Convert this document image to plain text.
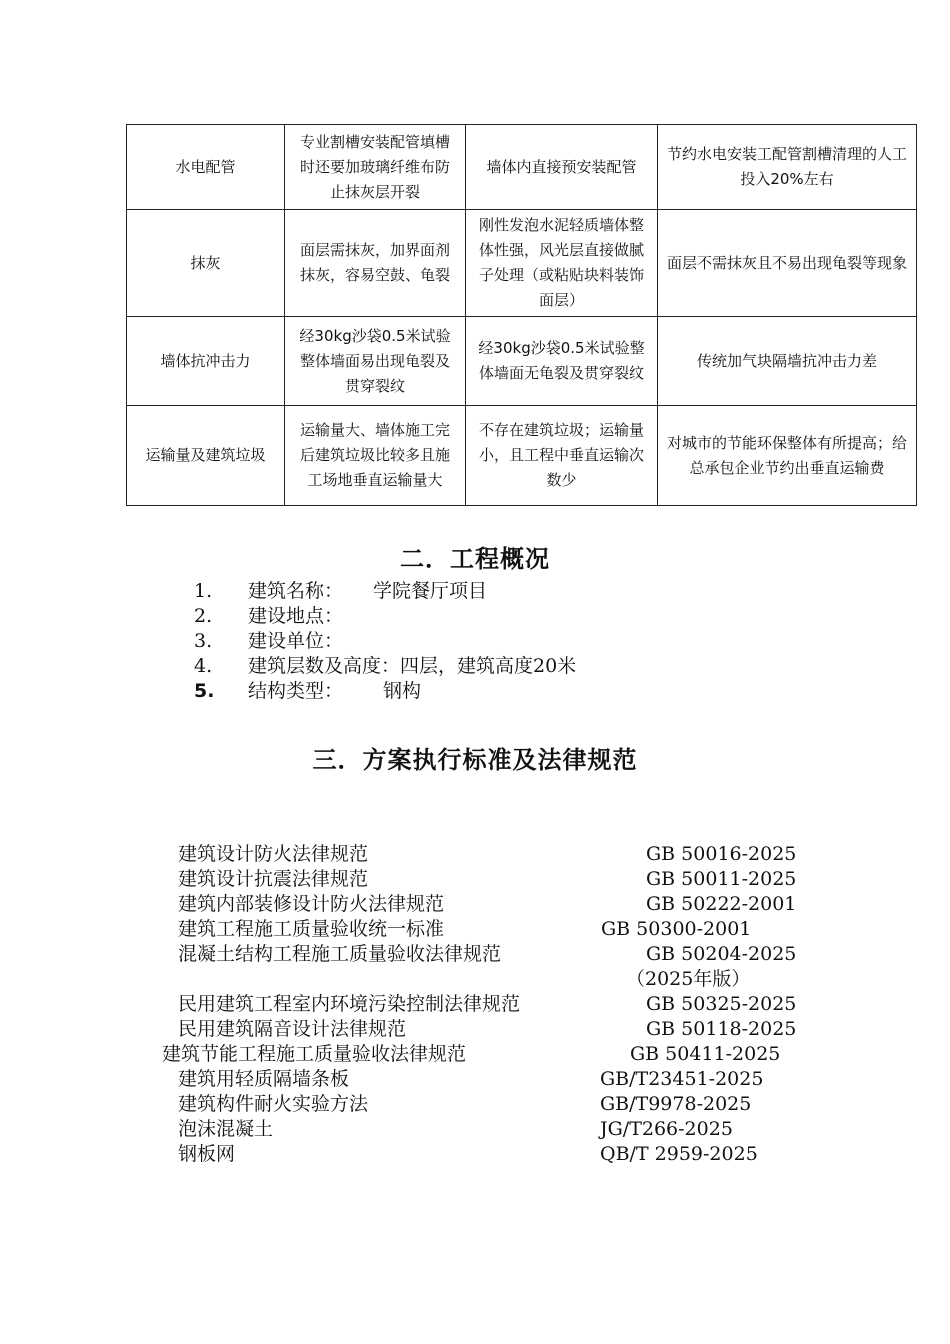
水电配管	专业割槽安装配管填槽时还要加玻璃纤维布防止抹灰层开裂	墙体内直接预安装配管	节约水电安装工配管割槽清理的人工投入20%左右
抹灰	面层需抹灰，加界面剂抹灰，容易空鼓、龟裂	刚性发泡水泥轻质墙体整体性强，风光层直接做腻子处理（或粘贴块料装饰面层）	面层不需抹灰且不易出现龟裂等现象
墙体抗冲击力	经30kg沙袋0.5米试验整体墙面易出现龟裂及贯穿裂纹	经30kg沙袋0.5米试验整体墙面无龟裂及贯穿裂纹	传统加气块隔墙抗冲击力差
运输量及建筑垃圾	运输量大、墙体施工完后建筑垃圾比较多且施工场地垂直运输量大	不存在建筑垃圾；运输量小，且工程中垂直运输次数少	对城市的节能环保整体有所提高；给总承包企业节约出垂直运输费
二．工程概况
1.	建筑名称： 学院餐厅项目
2.	建设地点：
3.	建设单位：
4.	建筑层数及高度：四层，建筑高度20米
5.	结构类型： 钢构
三．方案执行标准及法律规范
建筑设计防火法律规范	GB 50016-2025
建筑设计抗震法律规范	GB 50011-2025
建筑内部装修设计防火法律规范	GB 50222-2001
建筑工程施工质量验收统一标准	GB 50300-2001
混凝土结构工程施工质量验收法律规范	GB 50204-2025
（2025年版）
民用建筑工程室内环境污染控制法律规范	GB 50325-2025
民用建筑隔音设计法律规范	GB 50118-2025
建筑节能工程施工质量验收法律规范	GB 50411-2025
建筑用轻质隔墙条板	GB/T23451-2025
建筑构件耐火实验方法	GB/T9978-2025
泡沫混凝土	JG/T266-2025
钢板网	QB/T 2959-2025
